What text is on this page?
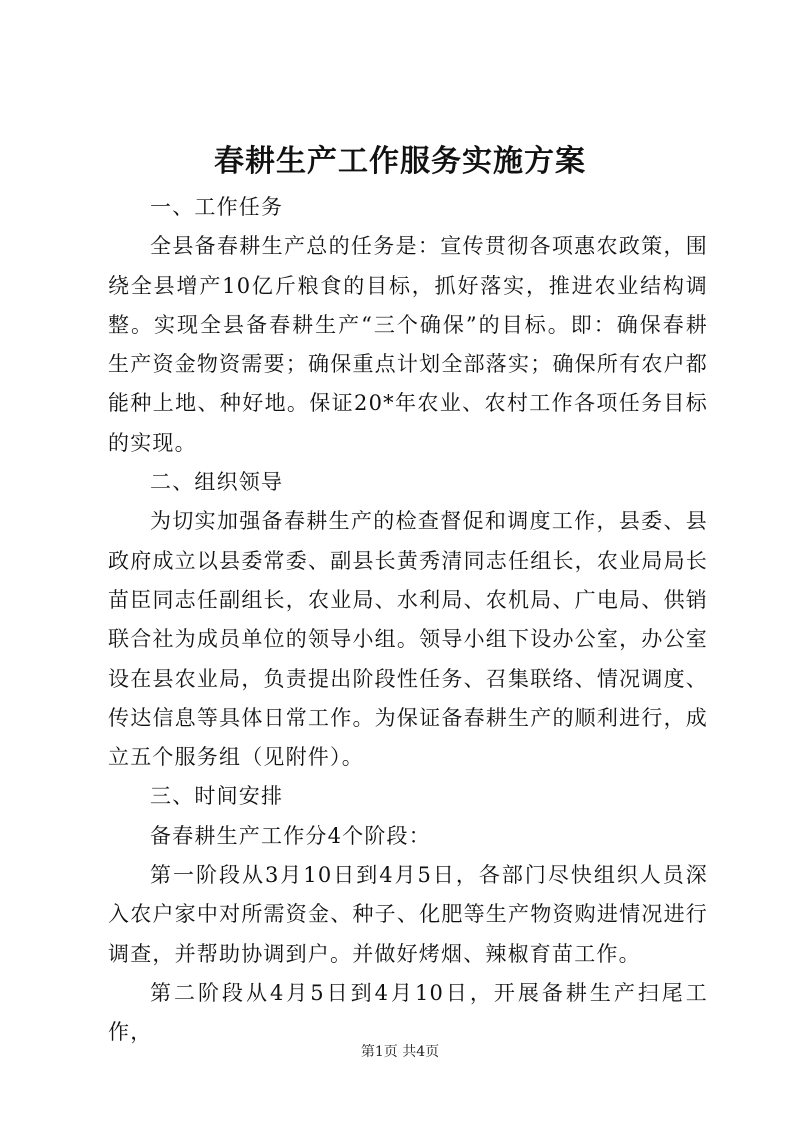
春耕生产工作服务实施方案

一、工作任务

全县备春耕生产总的任务是：宣传贯彻各项惠农政策，围绕全县增产10亿斤粮食的目标，抓好落实，推进农业结构调整。实现全县备春耕生产“三个确保”的目标。即：确保春耕生产资金物资需要；确保重点计划全部落实；确保所有农户都能种上地、种好地。保证20*年农业、农村工作各项任务目标的实现。

二、组织领导

为切实加强备春耕生产的检查督促和调度工作，县委、县政府成立以县委常委、副县长黄秀清同志任组长，农业局局长苗臣同志任副组长，农业局、水利局、农机局、广电局、供销联合社为成员单位的领导小组。领导小组下设办公室，办公室设在县农业局，负责提出阶段性任务、召集联络、情况调度、传达信息等具体日常工作。为保证备春耕生产的顺利进行，成立五个服务组（见附件）。

三、时间安排

备春耕生产工作分4个阶段：

第一阶段从3月10日到4月5日，各部门尽快组织人员深入农户家中对所需资金、种子、化肥等生产物资购进情况进行调查，并帮助协调到户。并做好烤烟、辣椒育苗工作。

第二阶段从4月5日到4月10日，开展备耕生产扫尾工作，

第1页 共4页
